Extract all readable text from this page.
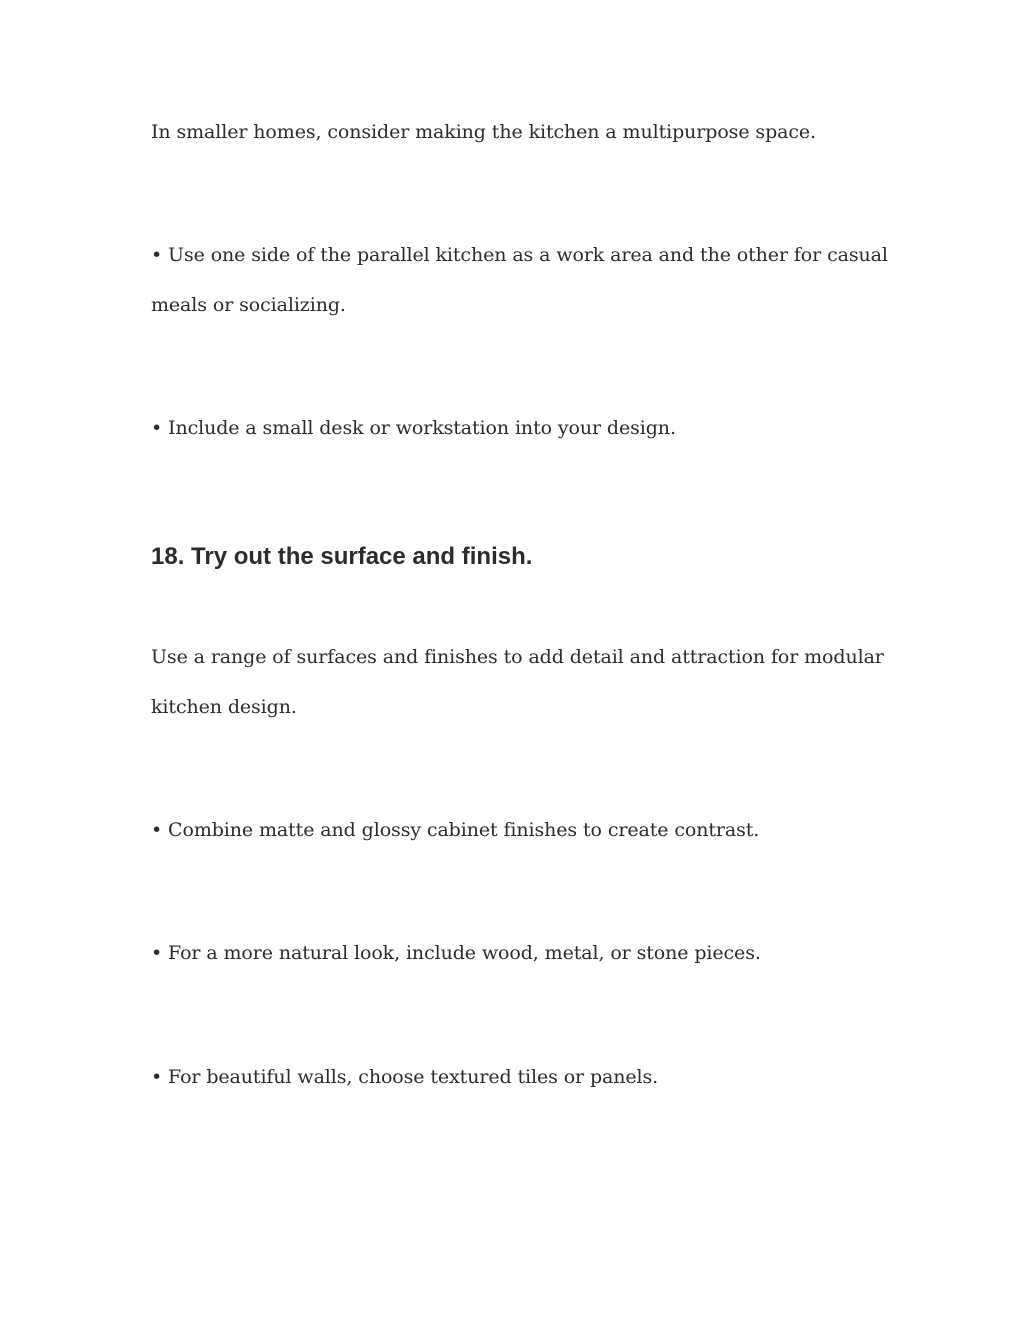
In smaller homes, consider making the kitchen a multipurpose space.

• Use one side of the parallel kitchen as a work area and the other for casual

meals or socializing.

• Include a small desk or workstation into your design.

18. Try out the surface and finish.

Use a range of surfaces and finishes to add detail and attraction for modular

kitchen design.

• Combine matte and glossy cabinet finishes to create contrast.

• For a more natural look, include wood, metal, or stone pieces.

• For beautiful walls, choose textured tiles or panels.
